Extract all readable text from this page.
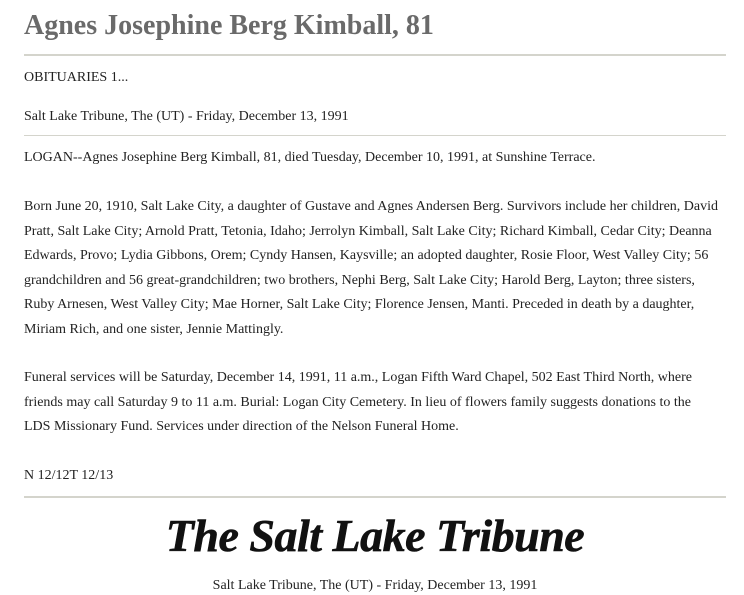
Agnes Josephine Berg Kimball, 81

OBITUARIES 1...

Salt Lake Tribune, The (UT) - Friday, December 13, 1991

LOGAN--Agnes Josephine Berg Kimball, 81, died Tuesday, December 10, 1991, at Sunshine Terrace.

Born June 20, 1910, Salt Lake City, a daughter of Gustave and Agnes Andersen Berg. Survivors include her children, David Pratt, Salt Lake City; Arnold Pratt, Tetonia, Idaho; Jerrolyn Kimball, Salt Lake City; Richard Kimball, Cedar City; Deanna Edwards, Provo; Lydia Gibbons, Orem; Cyndy Hansen, Kaysville; an adopted daughter, Rosie Floor, West Valley City; 56 grandchildren and 56 great-grandchildren; two brothers, Nephi Berg, Salt Lake City; Harold Berg, Layton; three sisters, Ruby Arnesen, West Valley City; Mae Horner, Salt Lake City; Florence Jensen, Manti. Preceded in death by a daughter, Miriam Rich, and one sister, Jennie Mattingly.

Funeral services will be Saturday, December 14, 1991, 11 a.m., Logan Fifth Ward Chapel, 502 East Third North, where friends may call Saturday 9 to 11 a.m. Burial: Logan City Cemetery. In lieu of flowers family suggests donations to the LDS Missionary Fund. Services under direction of the Nelson Funeral Home.

N 12/12T 12/13

The Salt Lake Tribune

Salt Lake Tribune, The (UT) - Friday, December 13, 1991
